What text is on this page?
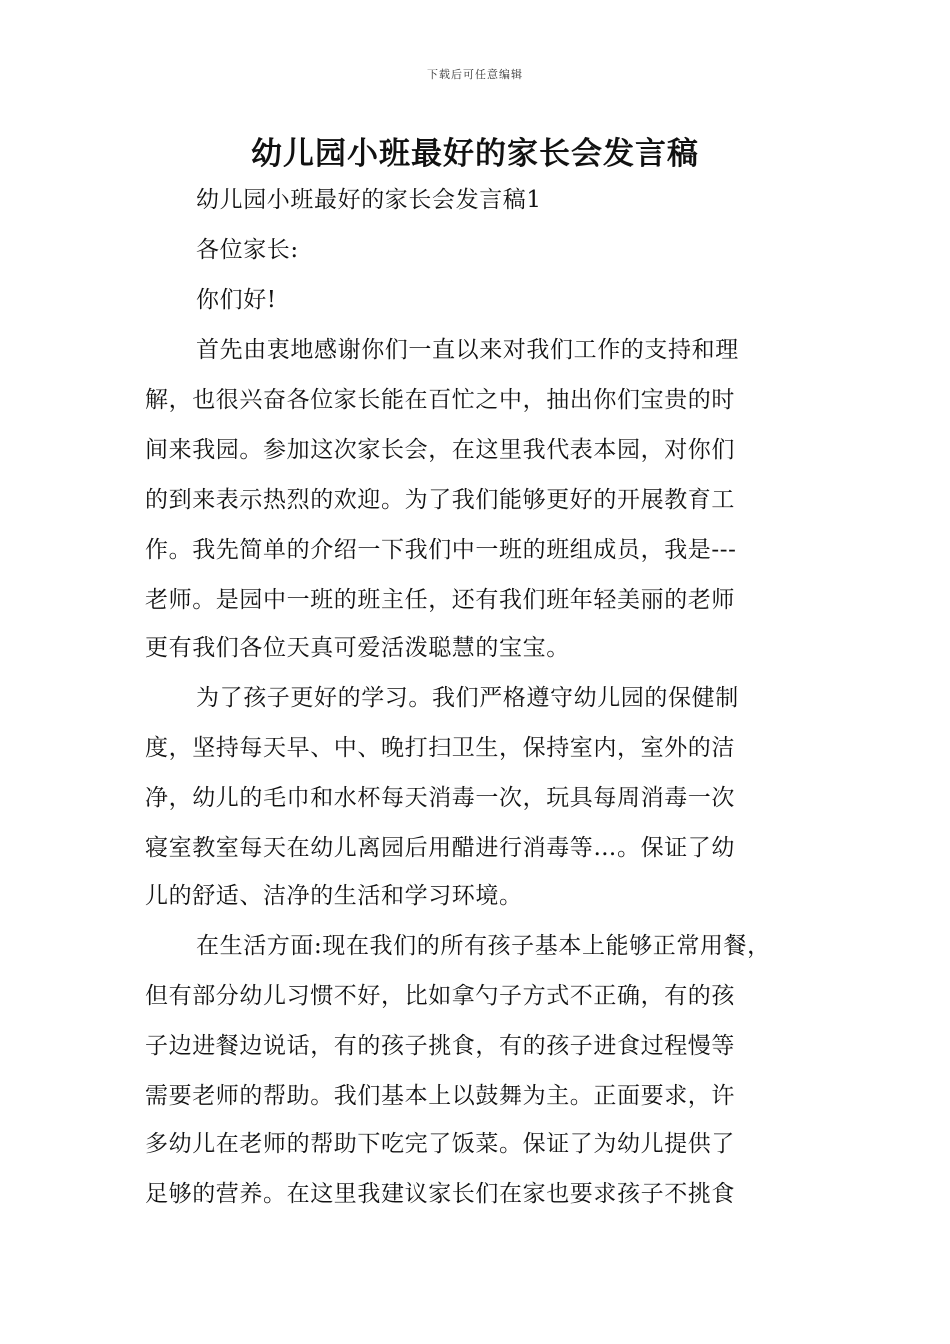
下载后可任意编辑
幼儿园小班最好的家长会发言稿
幼儿园小班最好的家长会发言稿1
各位家长:
你们好!
首先由衷地感谢你们一直以来对我们工作的支持和理
解，也很兴奋各位家长能在百忙之中，抽出你们宝贵的时
间来我园。参加这次家长会，在这里我代表本园，对你们
的到来表示热烈的欢迎。为了我们能够更好的开展教育工
作。我先简单的介绍一下我们中一班的班组成员，我是---
老师。是园中一班的班主任，还有我们班年轻美丽的老师
更有我们各位天真可爱活泼聪慧的宝宝。
为了孩子更好的学习。我们严格遵守幼儿园的保健制
度，坚持每天早、中、晚打扫卫生，保持室内，室外的洁
净，幼儿的毛巾和水杯每天消毒一次，玩具每周消毒一次
寝室教室每天在幼儿离园后用醋进行消毒等…。保证了幼
儿的舒适、洁净的生活和学习环境。
在生活方面:现在我们的所有孩子基本上能够正常用餐，
但有部分幼儿习惯不好，比如拿勺子方式不正确，有的孩
子边进餐边说话，有的孩子挑食，有的孩子进食过程慢等
需要老师的帮助。我们基本上以鼓舞为主。正面要求，许
多幼儿在老师的帮助下吃完了饭菜。保证了为幼儿提供了
足够的营养。在这里我建议家长们在家也要求孩子不挑食
